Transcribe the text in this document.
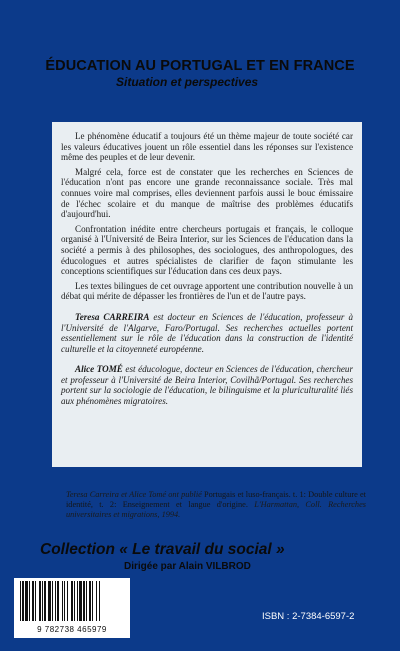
ÉDUCATION AU PORTUGAL ET EN FRANCE
Situation et perspectives

Le phénomène éducatif a toujours été un thème majeur de toute société car les valeurs éducatives jouent un rôle essentiel dans les réponses sur l'existence même des peuples et de leur devenir.

Malgré cela, force est de constater que les recherches en Sciences de l'éducation n'ont pas encore une grande reconnaissance sociale. Très mal connues voire mal comprises, elles deviennent parfois aussi le bouc émissaire de l'échec scolaire et du manque de maîtrise des problèmes éducatifs d'aujourd'hui.

Confrontation inédite entre chercheurs portugais et français, le colloque organisé à l'Université de Beira Interior, sur les Sciences de l'éducation dans la société a permis à des philosophes, des sociologues, des anthropologues, des éducologues et autres spécialistes de clarifier de façon stimulante les conceptions scientifiques sur l'éducation dans ces deux pays.

Les textes bilingues de cet ouvrage apportent une contribution nouvelle à un débat qui mérite de dépasser les frontières de l'un et de l'autre pays.

Teresa CARREIRA est docteur en Sciences de l'éducation, professeur à l'Université de l'Algarve, Faro/Portugal. Ses recherches actuelles portent essentiellement sur le rôle de l'éducation dans la construction de l'identité culturelle et la citoyenneté européenne.

Alice TOMÉ est éducologue, docteur en Sciences de l'éducation, chercheur et professeur à l'Université de Beira Interior, Covilhã/Portugal. Ses recherches portent sur la sociologie de l'éducation, le bilinguisme et la pluriculturalité liés aux phénomènes migratoires.

Teresa Carreira et Alice Tomé ont publié Portugais et luso-français. t. 1: Double culture et identité, t. 2: Enseignement et langue d'origine. L'Harmattan, Coll. Recherches universitaires et migrations, 1994.
Collection « Le travail du social »
Dirigée par Alain VILBROD
9 782738 465979
ISBN : 2-7384-6597-2
